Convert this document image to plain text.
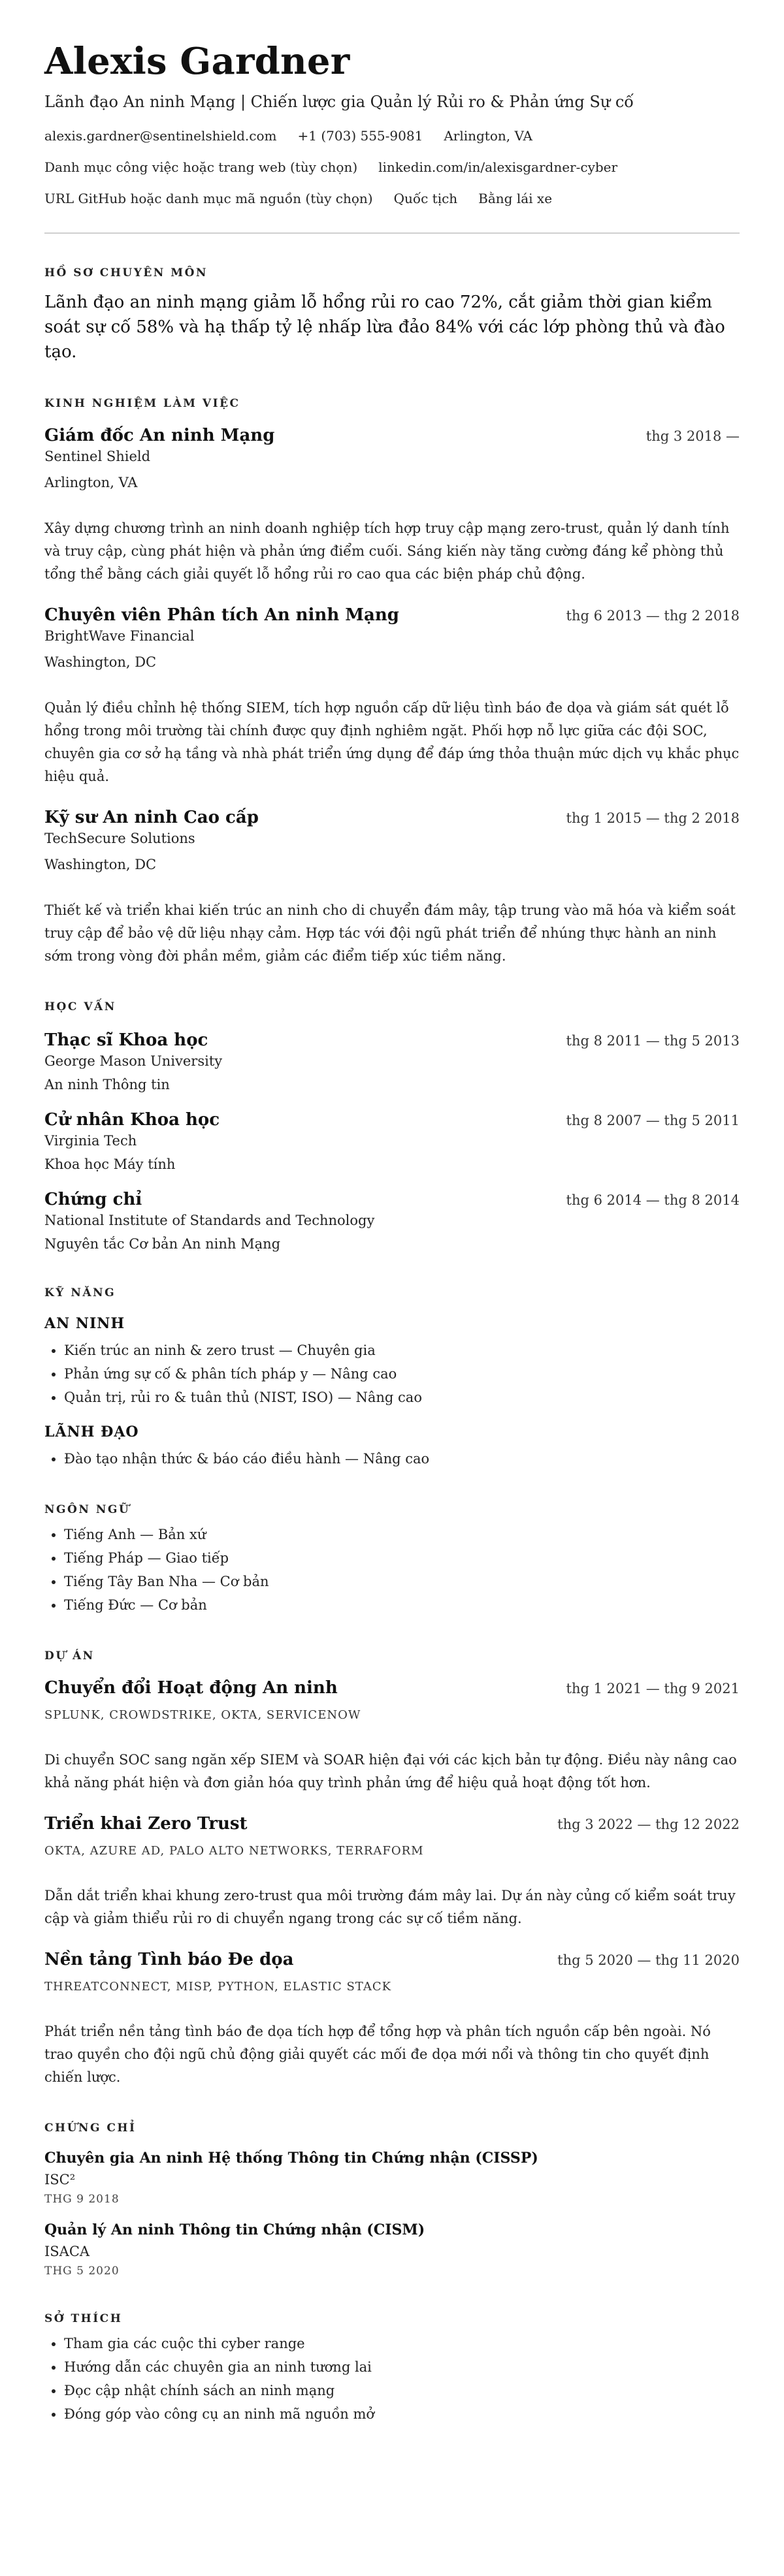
Alexis Gardner
Lãnh đạo An ninh Mạng | Chiến lược gia Quản lý Rủi ro & Phản ứng Sự cố
alexis.gardner@sentinelshield.com +1 (703) 555-9081 Arlington, VA
Danh mục công việc hoặc trang web (tùy chọn) linkedin.com/in/alexisgardner-cyber
URL GitHub hoặc danh mục mã nguồn (tùy chọn) Quốc tịch Bằng lái xe
HỒ SƠ CHUYÊN MÔN
Lãnh đạo an ninh mạng giảm lỗ hổng rủi ro cao 72%, cắt giảm thời gian kiểm soát sự cố 58% và hạ thấp tỷ lệ nhấp lừa đảo 84% với các lớp phòng thủ và đào tạo.
KINH NGHIỆM LÀM VIỆC
Giám đốc An ninh Mạng	thg 3 2018 —
Sentinel Shield
Arlington, VA
Xây dựng chương trình an ninh doanh nghiệp tích hợp truy cập mạng zero-trust, quản lý danh tính và truy cập, cùng phát hiện và phản ứng điểm cuối. Sáng kiến này tăng cường đáng kể phòng thủ tổng thể bằng cách giải quyết lỗ hổng rủi ro cao qua các biện pháp chủ động.
Chuyên viên Phân tích An ninh Mạng	thg 6 2013 — thg 2 2018
BrightWave Financial
Washington, DC
Quản lý điều chỉnh hệ thống SIEM, tích hợp nguồn cấp dữ liệu tình báo đe dọa và giám sát quét lỗ hổng trong môi trường tài chính được quy định nghiêm ngặt. Phối hợp nỗ lực giữa các đội SOC, chuyên gia cơ sở hạ tầng và nhà phát triển ứng dụng để đáp ứng thỏa thuận mức dịch vụ khắc phục hiệu quả.
Kỹ sư An ninh Cao cấp	thg 1 2015 — thg 2 2018
TechSecure Solutions
Washington, DC
Thiết kế và triển khai kiến trúc an ninh cho di chuyển đám mây, tập trung vào mã hóa và kiểm soát truy cập để bảo vệ dữ liệu nhạy cảm. Hợp tác với đội ngũ phát triển để nhúng thực hành an ninh sớm trong vòng đời phần mềm, giảm các điểm tiếp xúc tiềm năng.
HỌC VẤN
Thạc sĩ Khoa học	thg 8 2011 — thg 5 2013
George Mason University
An ninh Thông tin
Cử nhân Khoa học	thg 8 2007 — thg 5 2011
Virginia Tech
Khoa học Máy tính
Chứng chỉ	thg 6 2014 — thg 8 2014
National Institute of Standards and Technology
Nguyên tắc Cơ bản An ninh Mạng
KỸ NĂNG
AN NINH
• Kiến trúc an ninh & zero trust — Chuyên gia
• Phản ứng sự cố & phân tích pháp y — Nâng cao
• Quản trị, rủi ro & tuân thủ (NIST, ISO) — Nâng cao
LÃNH ĐẠO
• Đào tạo nhận thức & báo cáo điều hành — Nâng cao
NGÔN NGỮ
• Tiếng Anh — Bản xứ
• Tiếng Pháp — Giao tiếp
• Tiếng Tây Ban Nha — Cơ bản
• Tiếng Đức — Cơ bản
DỰ ÁN
Chuyển đổi Hoạt động An ninh	thg 1 2021 — thg 9 2021
SPLUNK, CROWDSTRIKE, OKTA, SERVICENOW
Di chuyển SOC sang ngăn xếp SIEM và SOAR hiện đại với các kịch bản tự động. Điều này nâng cao khả năng phát hiện và đơn giản hóa quy trình phản ứng để hiệu quả hoạt động tốt hơn.
Triển khai Zero Trust	thg 3 2022 — thg 12 2022
OKTA, AZURE AD, PALO ALTO NETWORKS, TERRAFORM
Dẫn dắt triển khai khung zero-trust qua môi trường đám mây lai. Dự án này củng cố kiểm soát truy cập và giảm thiểu rủi ro di chuyển ngang trong các sự cố tiềm năng.
Nền tảng Tình báo Đe dọa	thg 5 2020 — thg 11 2020
THREATCONNECT, MISP, PYTHON, ELASTIC STACK
Phát triển nền tảng tình báo đe dọa tích hợp để tổng hợp và phân tích nguồn cấp bên ngoài. Nó trao quyền cho đội ngũ chủ động giải quyết các mối đe dọa mới nổi và thông tin cho quyết định chiến lược.
CHỨNG CHỈ
Chuyên gia An ninh Hệ thống Thông tin Chứng nhận (CISSP)
ISC²
THG 9 2018
Quản lý An ninh Thông tin Chứng nhận (CISM)
ISACA
THG 5 2020
SỞ THÍCH
• Tham gia các cuộc thi cyber range
• Hướng dẫn các chuyên gia an ninh tương lai
• Đọc cập nhật chính sách an ninh mạng
• Đóng góp vào công cụ an ninh mã nguồn mở
